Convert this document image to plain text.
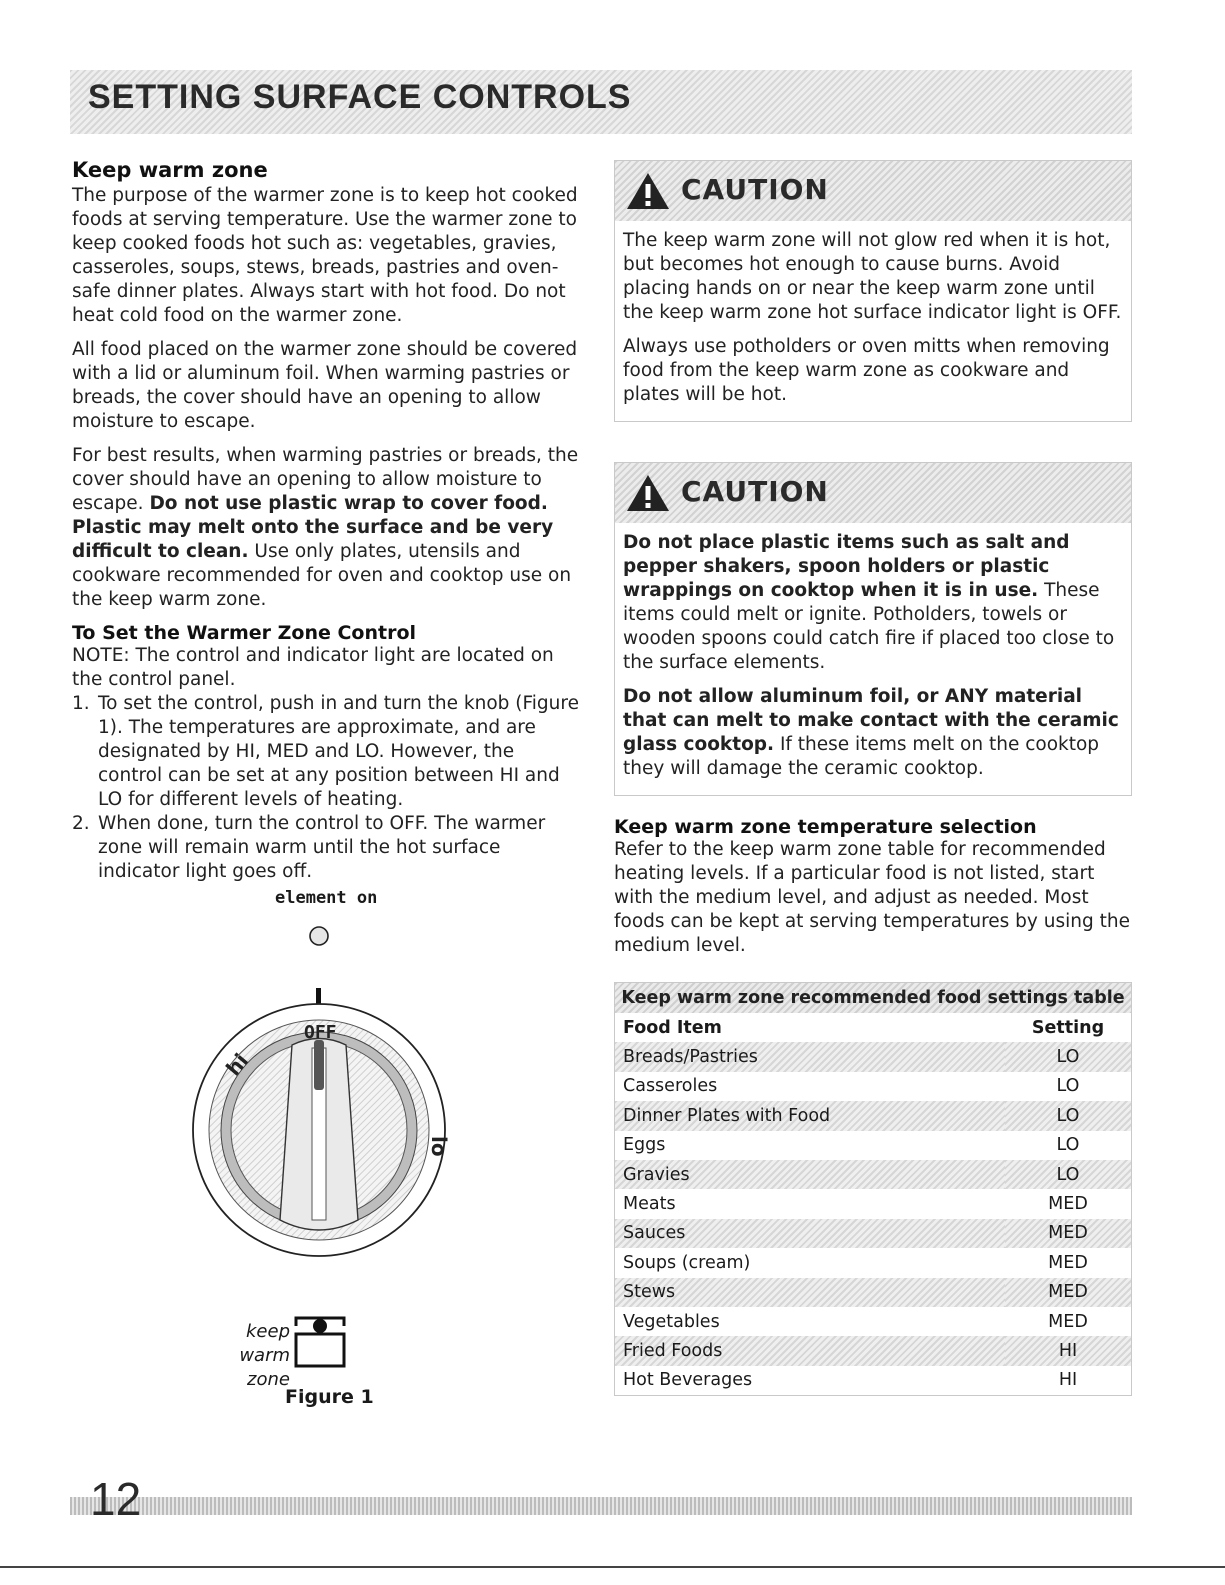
SETTING SURFACE CONTROLS
Keep warm zone

The purpose of the warmer zone is to keep hot cooked foods at serving temperature. Use the warmer zone to keep cooked foods hot such as: vegetables, gravies, casseroles, soups, stews, breads, pastries and oven-safe dinner plates. Always start with hot food. Do not heat cold food on the warmer zone.

All food placed on the warmer zone should be covered with a lid or aluminum foil. When warming pastries or breads, the cover should have an opening to allow moisture to escape.

For best results, when warming pastries or breads, the cover should have an opening to allow moisture to escape. Do not use plastic wrap to cover food. Plastic may melt onto the surface and be very difficult to clean. Use only plates, utensils and cookware recommended for oven and cooktop use on the keep warm zone.

To Set the Warmer Zone Control

NOTE: The control and indicator light are located on the control panel.

1. To set the control, push in and turn the knob (Figure 1). The temperatures are approximate, and are designated by HI, MED and LO. However, the control can be set at any position between HI and LO for different levels of heating.
2. When done, turn the control to OFF. The warmer zone will remain warm until the hot surface indicator light goes off.
element on
OFF
hi
lo
keep warm
zone
Figure 1
CAUTION

The keep warm zone will not glow red when it is hot, but becomes hot enough to cause burns. Avoid placing hands on or near the keep warm zone until the keep warm zone hot surface indicator light is OFF.

Always use potholders or oven mitts when removing food from the keep warm zone as cookware and plates will be hot.

CAUTION

Do not place plastic items such as salt and pepper shakers, spoon holders or plastic wrappings on cooktop when it is in use. These items could melt or ignite. Potholders, towels or wooden spoons could catch fire if placed too close to the surface elements.

Do not allow aluminum foil, or ANY material that can melt to make contact with the ceramic glass cooktop. If these items melt on the cooktop they will damage the ceramic cooktop.

Keep warm zone temperature selection

Refer to the keep warm zone table for recommended heating levels. If a particular food is not listed, start with the medium level, and adjust as needed. Most foods can be kept at serving temperatures by using the medium level.

Keep warm zone recommended food settings table
Food Item	Setting
Breads/Pastries	LO
Casseroles	LO
Dinner Plates with Food	LO
Eggs	LO
Gravies	LO
Meats	MED
Sauces	MED
Soups (cream)	MED
Stews	MED
Vegetables	MED
Fried Foods	HI
Hot Beverages	HI
12
